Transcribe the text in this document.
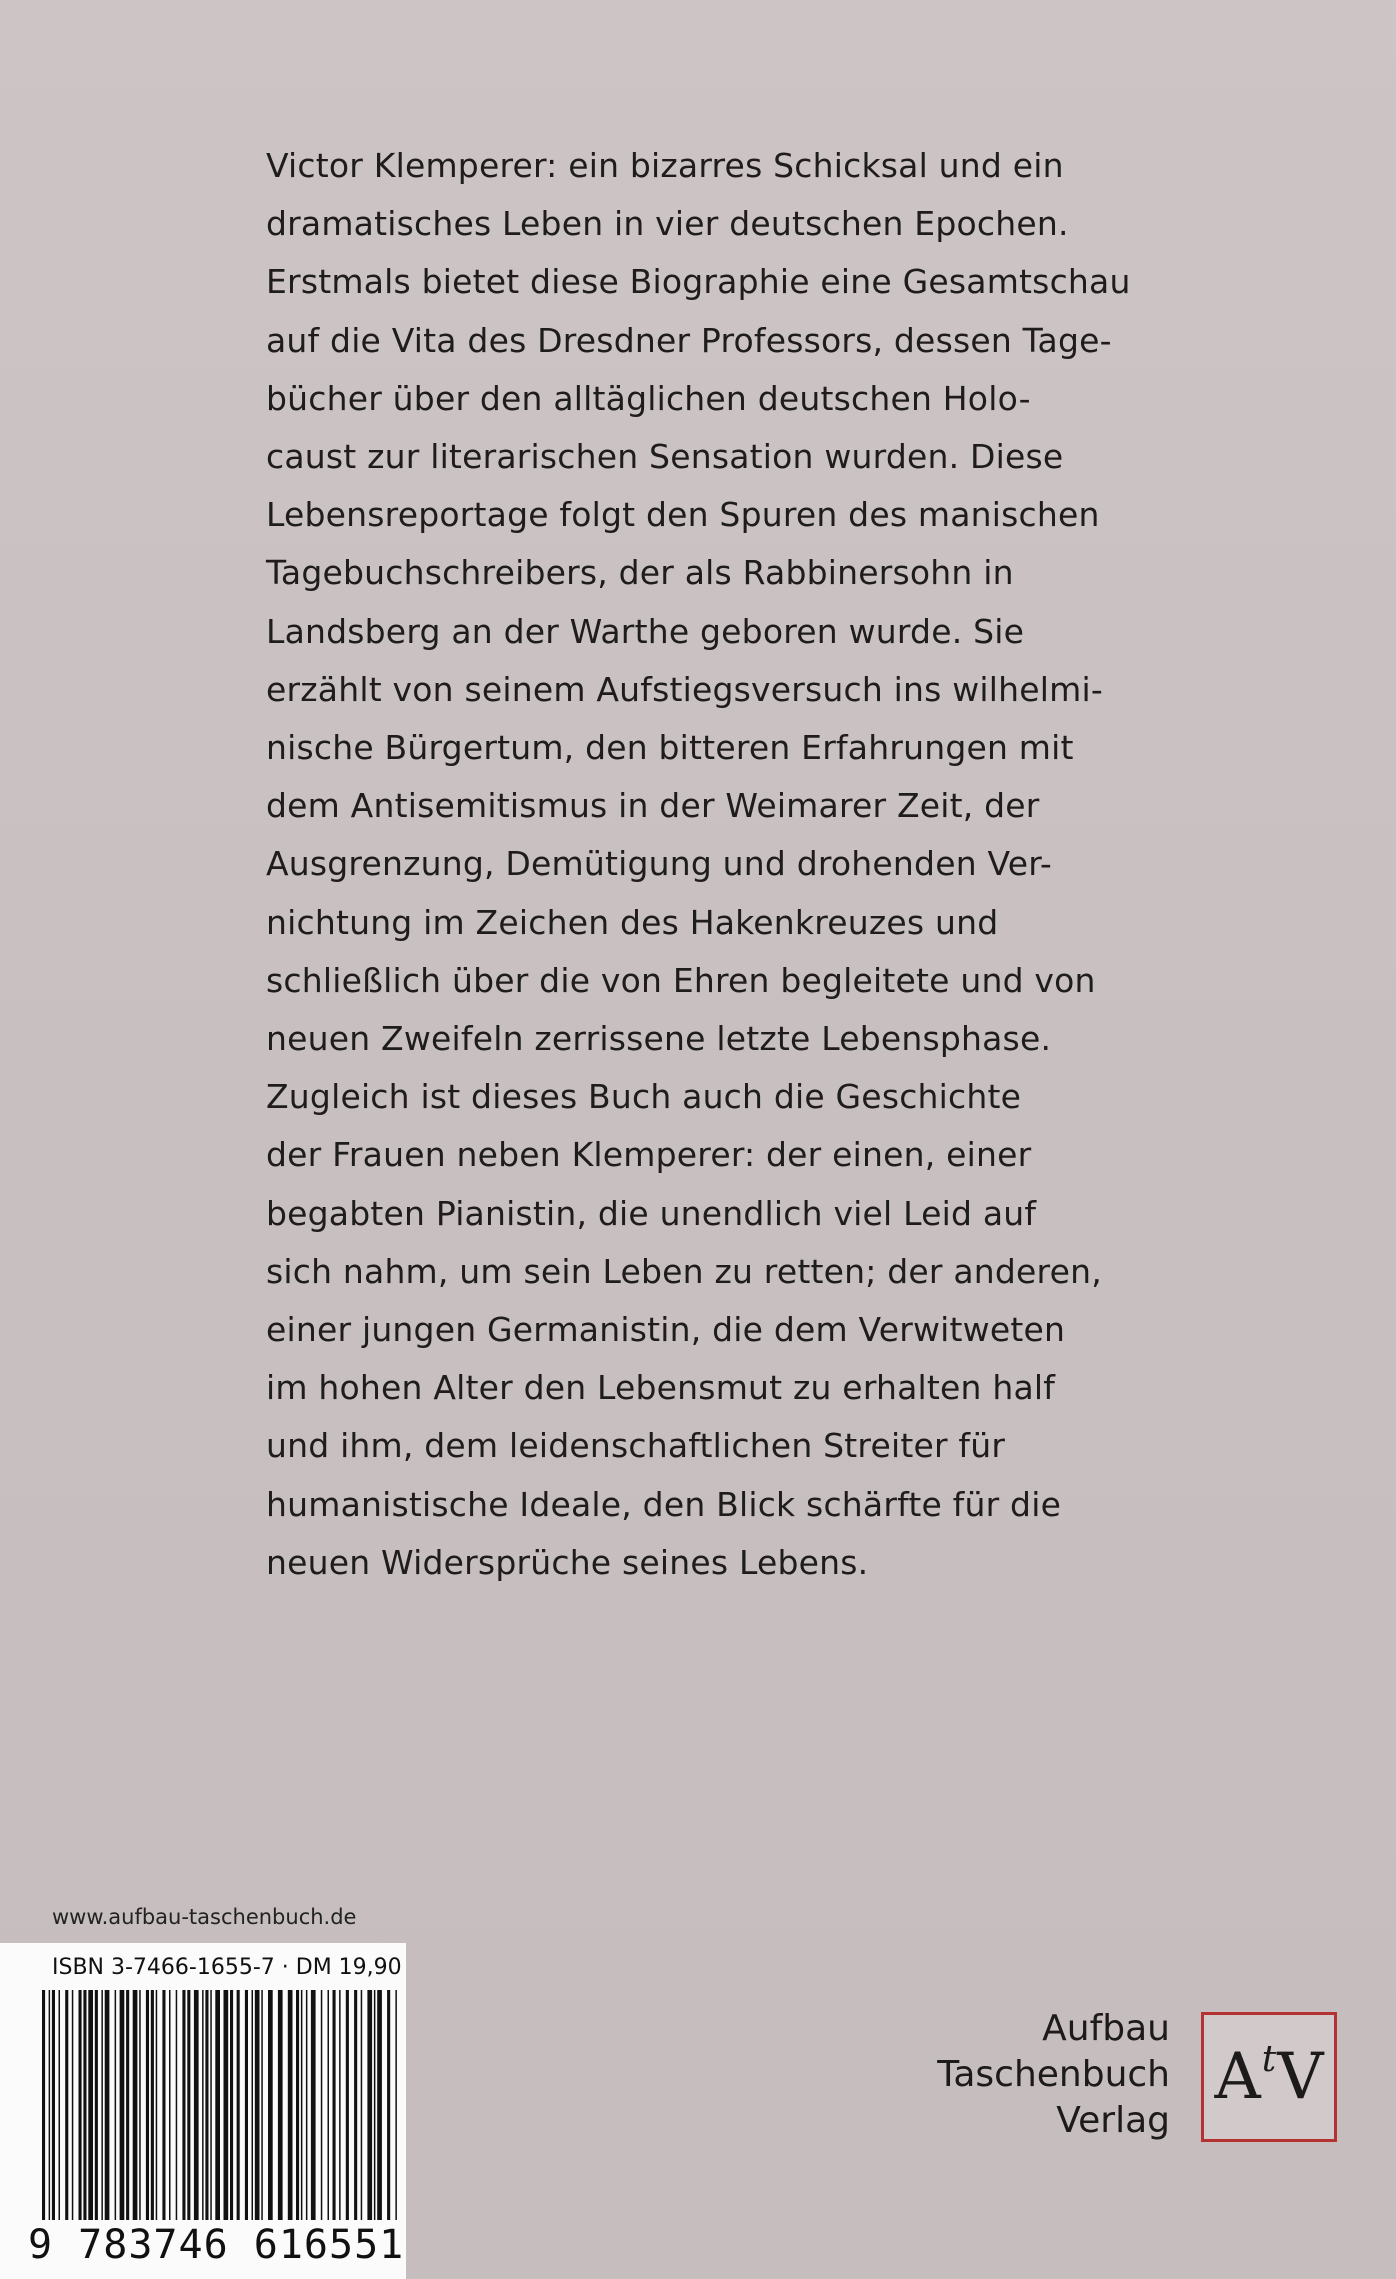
Victor Klemperer: ein bizarres Schicksal und ein
dramatisches Leben in vier deutschen Epochen.
Erstmals bietet diese Biographie eine Gesamtschau
auf die Vita des Dresdner Professors, dessen Tage-
bücher über den alltäglichen deutschen Holo-
caust zur literarischen Sensation wurden. Diese
Lebensreportage folgt den Spuren des manischen
Tagebuchschreibers, der als Rabbinersohn in
Landsberg an der Warthe geboren wurde. Sie
erzählt von seinem Aufstiegsversuch ins wilhelmi-
nische Bürgertum, den bitteren Erfahrungen mit
dem Antisemitismus in der Weimarer Zeit, der
Ausgrenzung, Demütigung und drohenden Ver-
nichtung im Zeichen des Hakenkreuzes und
schließlich über die von Ehren begleitete und von
neuen Zweifeln zerrissene letzte Lebensphase.
Zugleich ist dieses Buch auch die Geschichte
der Frauen neben Klemperer: der einen, einer
begabten Pianistin, die unendlich viel Leid auf
sich nahm, um sein Leben zu retten; der anderen,
einer jungen Germanistin, die dem Verwitweten
im hohen Alter den Lebensmut zu erhalten half
und ihm, dem leidenschaftlichen Streiter für
humanistische Ideale, den Blick schärfte für die
neuen Widersprüche seines Lebens.
www.aufbau-taschenbuch.de
ISBN 3-7466-1655-7 · DM 19,90
9 783746 616551
Aufbau
Taschenbuch
Verlag
A t V
